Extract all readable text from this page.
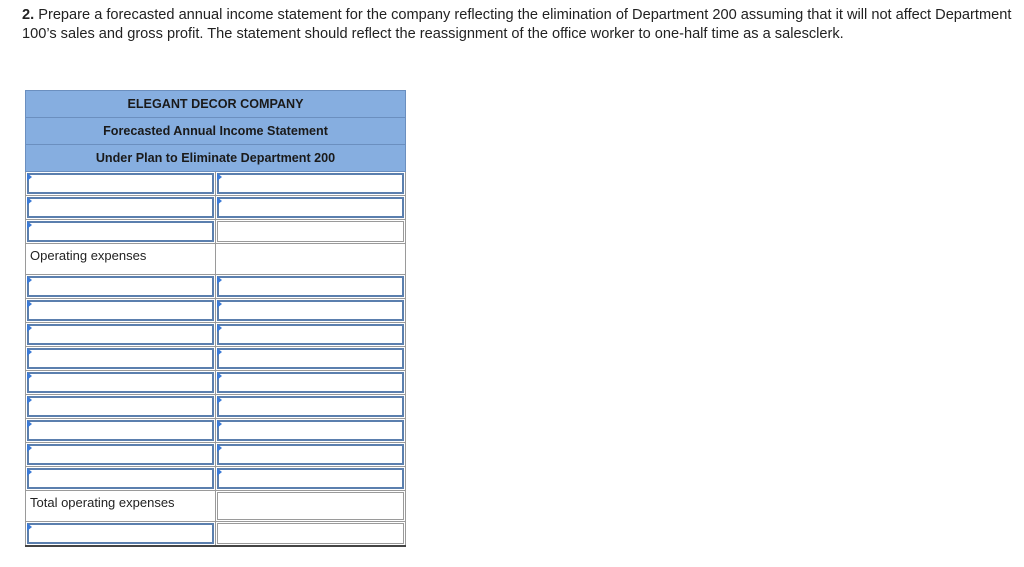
2. Prepare a forecasted annual income statement for the company reflecting the elimination of Department 200 assuming that it will not affect Department 100’s sales and gross profit. The statement should reflect the reassignment of the office worker to one-half time as a salesclerk.
ELEGANT DECOR COMPANY	
Forecasted Annual Income Statement	
Under Plan to Eliminate Department 200	

Operating expenses	

Total operating expenses	
